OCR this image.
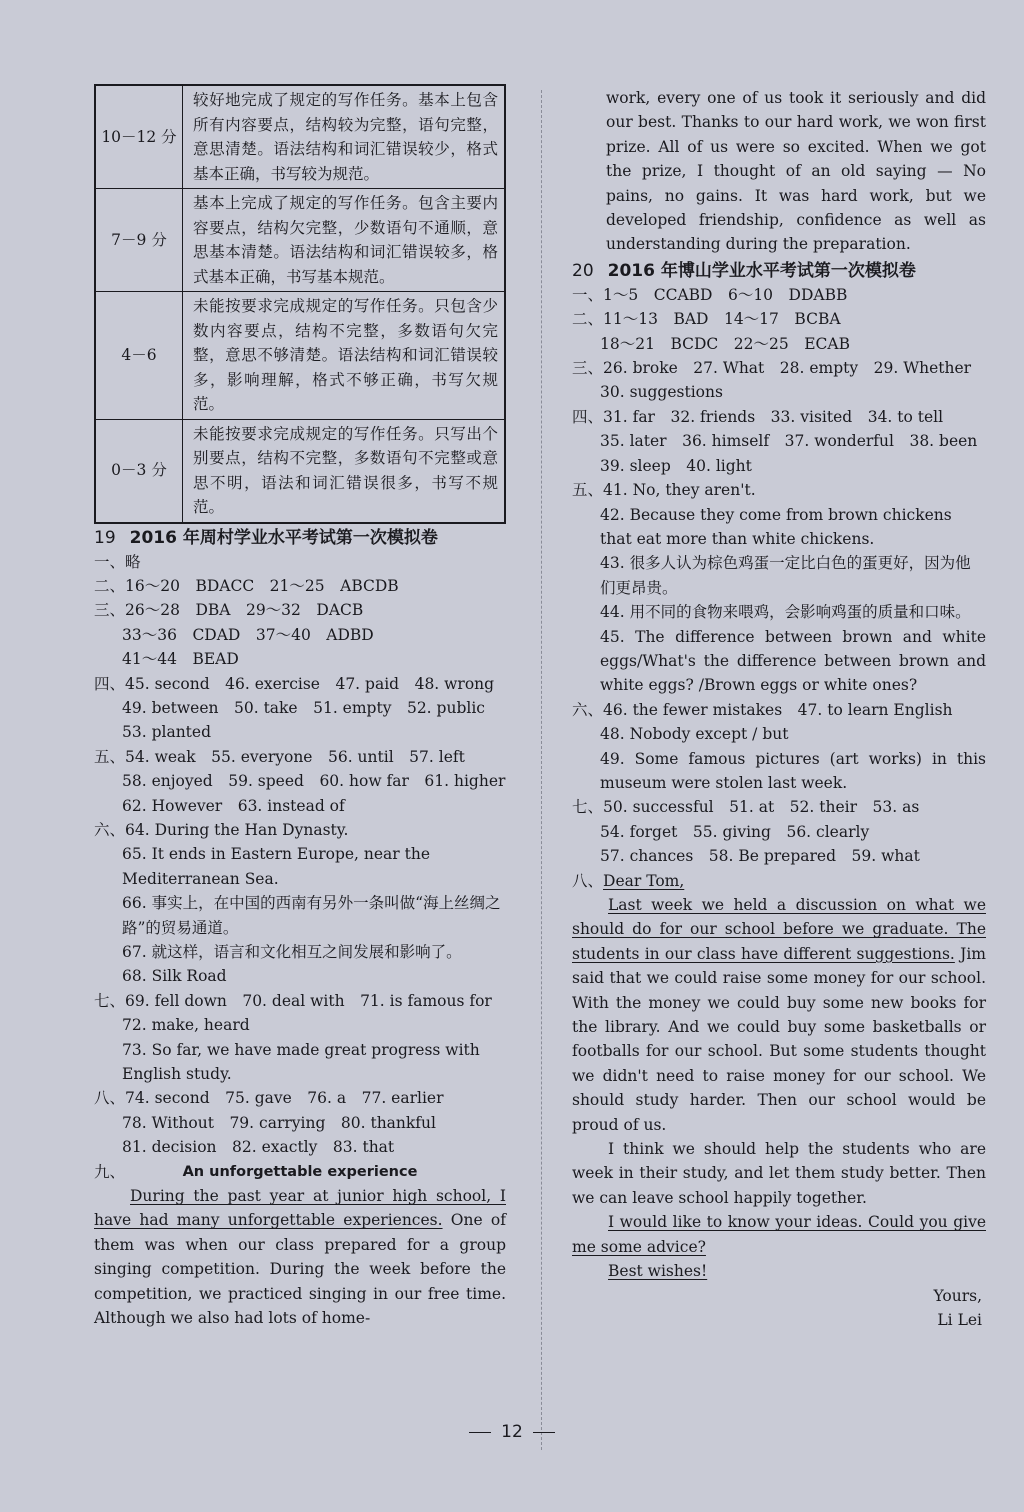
10－12 分	较好地完成了规定的写作任务。基本上包含所有内容要点，结构较为完整，语句完整，意思清楚。语法结构和词汇错误较少，格式基本正确，书写较为规范。
7－9 分	基本上完成了规定的写作任务。包含主要内容要点，结构欠完整，少数语句不通顺，意思基本清楚。语法结构和词汇错误较多，格式基本正确，书写基本规范。
4－6	未能按要求完成规定的写作任务。只包含少数内容要点，结构不完整，多数语句欠完整，意思不够清楚。语法结构和词汇错误较多，影响理解，格式不够正确，书写欠规范。
0－3 分	未能按要求完成规定的写作任务。只写出个别要点，结构不完整，多数语句不完整或意思不明，语法和词汇错误很多，书写不规范。
19 2016 年周村学业水平考试第一次模拟卷
一、略
二、16～20　BDACC　21～25　ABCDB
三、26～28　DBA　29～32　DACB
33～36　CDAD　37～40　ADBD
41～44　BEAD
四、45. second　46. exercise　47. paid　48. wrong
49. between　50. take　51. empty　52. public
53. planted
五、54. weak　55. everyone　56. until　57. left
58. enjoyed　59. speed　60. how far　61. higher
62. However　63. instead of
六、64. During the Han Dynasty.
65. It ends in Eastern Europe, near the Mediterranean Sea.
66. 事实上，在中国的西南有另外一条叫做“海上丝绸之路”的贸易通道。
67. 就这样，语言和文化相互之间发展和影响了。
68. Silk Road
七、69. fell down　70. deal with　71. is famous for
72. make, heard
73. So far, we have made great progress with English study.
八、74. second　75. gave　76. a　77. earlier
78. Without　79. carrying　80. thankful
81. decision　82. exactly　83. that
九、	An unforgettable experience

During the past year at junior high school, I have had many unforgettable experiences. One of them was when our class prepared for a group singing competition. During the week before the competition, we practiced singing in our free time. Although we also had lots of home-

work, every one of us took it seriously and did our best. Thanks to our hard work, we won first prize. All of us were so excited. When we got the prize, I thought of an old saying — No pains, no gains. It was hard work, but we developed friendship, confidence as well as understanding during the preparation.
20 2016 年博山学业水平考试第一次模拟卷
一、1～5　CCABD　6～10　DDABB
二、11～13　BAD　14～17　BCBA
18～21　BCDC　22～25　ECAB
三、26. broke　27. What　28. empty　29. Whether
30. suggestions
四、31. far　32. friends　33. visited　34. to tell
35. later　36. himself　37. wonderful　38. been
39. sleep　40. light
五、41. No, they aren't.
42. Because they come from brown chickens that eat more than white chickens.
43. 很多人认为棕色鸡蛋一定比白色的蛋更好，因为他们更昂贵。
44. 用不同的食物来喂鸡，会影响鸡蛋的质量和口味。
45. The difference between brown and white eggs/What's the difference between brown and white eggs? /Brown eggs or white ones?
六、46. the fewer mistakes　47. to learn English
48. Nobody except / but
49. Some famous pictures (art works) in this museum were stolen last week.
七、50. successful　51. at　52. their　53. as
54. forget　55. giving　56. clearly
57. chances　58. Be prepared　59. what
八、Dear Tom,

Last week we held a discussion on what we should do for our school before we graduate. The students in our class have different suggestions. Jim said that we could raise some money for our school. With the money we could buy some new books for the library. And we could buy some basketballs or footballs for our school. But some students thought we didn't need to raise money for our school. We should study harder. Then our school would be proud of us.

I think we should help the students who are week in their study, and let them study better. Then we can leave school happily together.

I would like to know your ideas. Could you give me some advice?

Best wishes!

Yours,
Li Lei
12
